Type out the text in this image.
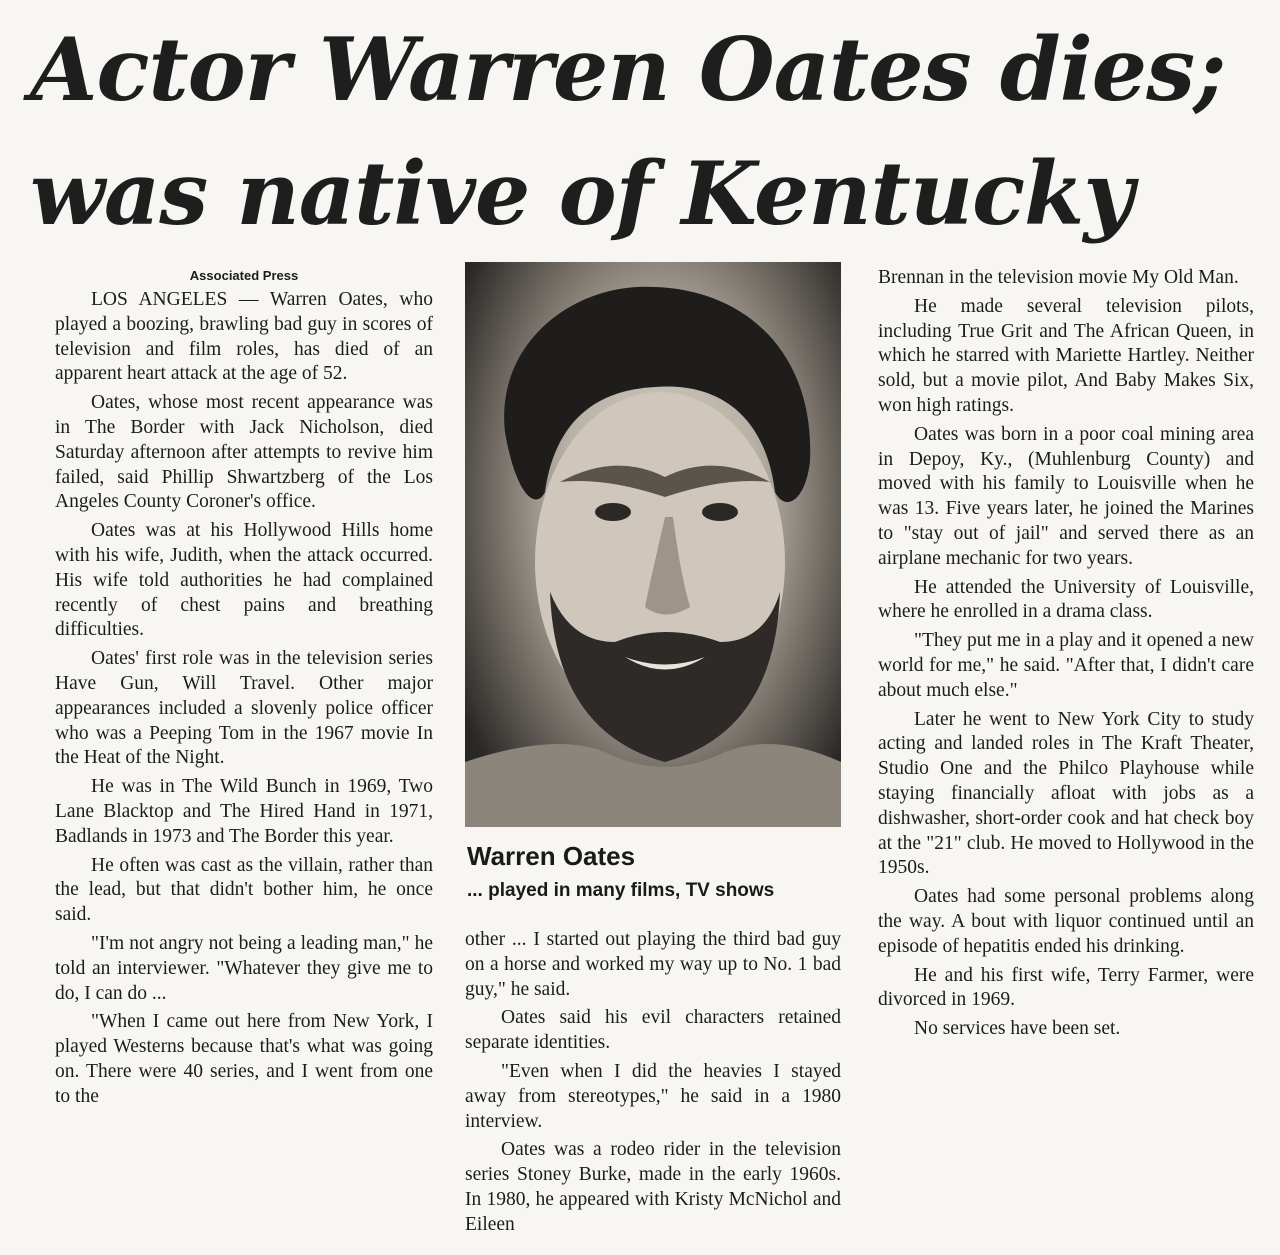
Actor Warren Oates dies;
was native of Kentucky
Associated Press

LOS ANGELES — Warren Oates, who played a boozing, brawling bad guy in scores of television and film roles, has died of an apparent heart attack at the age of 52.

Oates, whose most recent appearance was in The Border with Jack Nicholson, died Saturday afternoon after attempts to revive him failed, said Phillip Shwartzberg of the Los Angeles County Coroner's office.

Oates was at his Hollywood Hills home with his wife, Judith, when the attack occurred. His wife told authorities he had complained recently of chest pains and breathing difficulties.

Oates' first role was in the television series Have Gun, Will Travel. Other major appearances included a slovenly police officer who was a Peeping Tom in the 1967 movie In the Heat of the Night.

He was in The Wild Bunch in 1969, Two Lane Blacktop and The Hired Hand in 1971, Badlands in 1973 and The Border this year.

He often was cast as the villain, rather than the lead, but that didn't bother him, he once said.

"I'm not angry not being a leading man," he told an interviewer. "Whatever they give me to do, I can do ...

"When I came out here from New York, I played Westerns because that's what was going on. There were 40 series, and I went from one to the

Warren Oates
... played in many films, TV shows

other ... I started out playing the third bad guy on a horse and worked my way up to No. 1 bad guy," he said.

Oates said his evil characters retained separate identities.

"Even when I did the heavies I stayed away from stereotypes," he said in a 1980 interview.

Oates was a rodeo rider in the television series Stoney Burke, made in the early 1960s. In 1980, he appeared with Kristy McNichol and Eileen

Brennan in the television movie My Old Man.

He made several television pilots, including True Grit and The African Queen, in which he starred with Mariette Hartley. Neither sold, but a movie pilot, And Baby Makes Six, won high ratings.

Oates was born in a poor coal mining area in Depoy, Ky., (Muhlenburg County) and moved with his family to Louisville when he was 13. Five years later, he joined the Marines to "stay out of jail" and served there as an airplane mechanic for two years.

He attended the University of Louisville, where he enrolled in a drama class.

"They put me in a play and it opened a new world for me," he said. "After that, I didn't care about much else."

Later he went to New York City to study acting and landed roles in The Kraft Theater, Studio One and the Philco Playhouse while staying financially afloat with jobs as a dishwasher, short-order cook and hat check boy at the "21" club. He moved to Hollywood in the 1950s.

Oates had some personal problems along the way. A bout with liquor continued until an episode of hepatitis ended his drinking.

He and his first wife, Terry Farmer, were divorced in 1969.

No services have been set.
